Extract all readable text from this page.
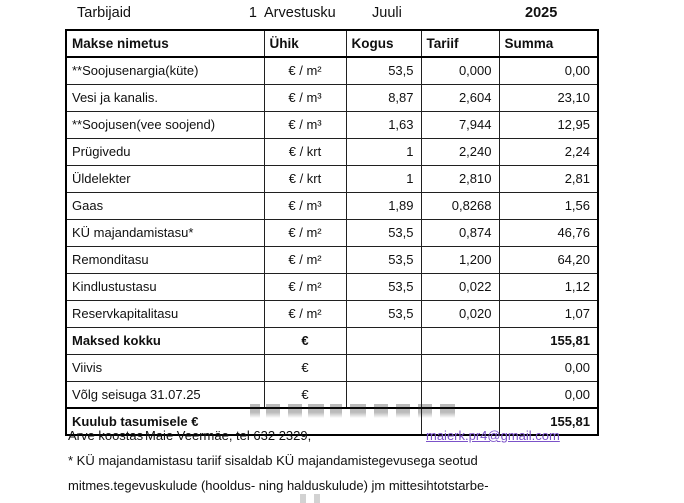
Tarbijaid	1 Arvestusku	Juuli	2025
Makse nimetus	Ühik	Kogus	Tariif	Summa
**Soojusenargia(küte)	€ / m²	53,5	0,000	0,00
Vesi ja kanalis.	€ / m³	8,87	2,604	23,10
**Soojusen(vee soojend)	€ / m³	1,63	7,944	12,95
Prügivedu	€ / krt	1	2,240	2,24
Üldelekter	€ / krt	1	2,810	2,81
Gaas	€ / m³	1,89	0,8268	1,56
KÜ majandamistasu*	€ / m²	53,5	0,874	46,76
Remonditasu	€ / m²	53,5	1,200	64,20
Kindlustustasu	€ / m²	53,5	0,022	1,12
Reservkapitalitasu	€ / m²	53,5	0,020	1,07
Maksed kokku	€			155,81
Viivis	€			0,00
Võlg seisuga 31.07.25	€			0,00
Kuulub tasumisele €				155,81
Arve koostas Maie Veermäe, tel 632 2329,	maierk.pr4@gmail.com
* KÜ majandamistasu tariif sisaldab KÜ majandamistegevusega seotud
mitmes.tegevuskulude (hooldus- ning halduskulude) jm mittesihtotstarbe-
